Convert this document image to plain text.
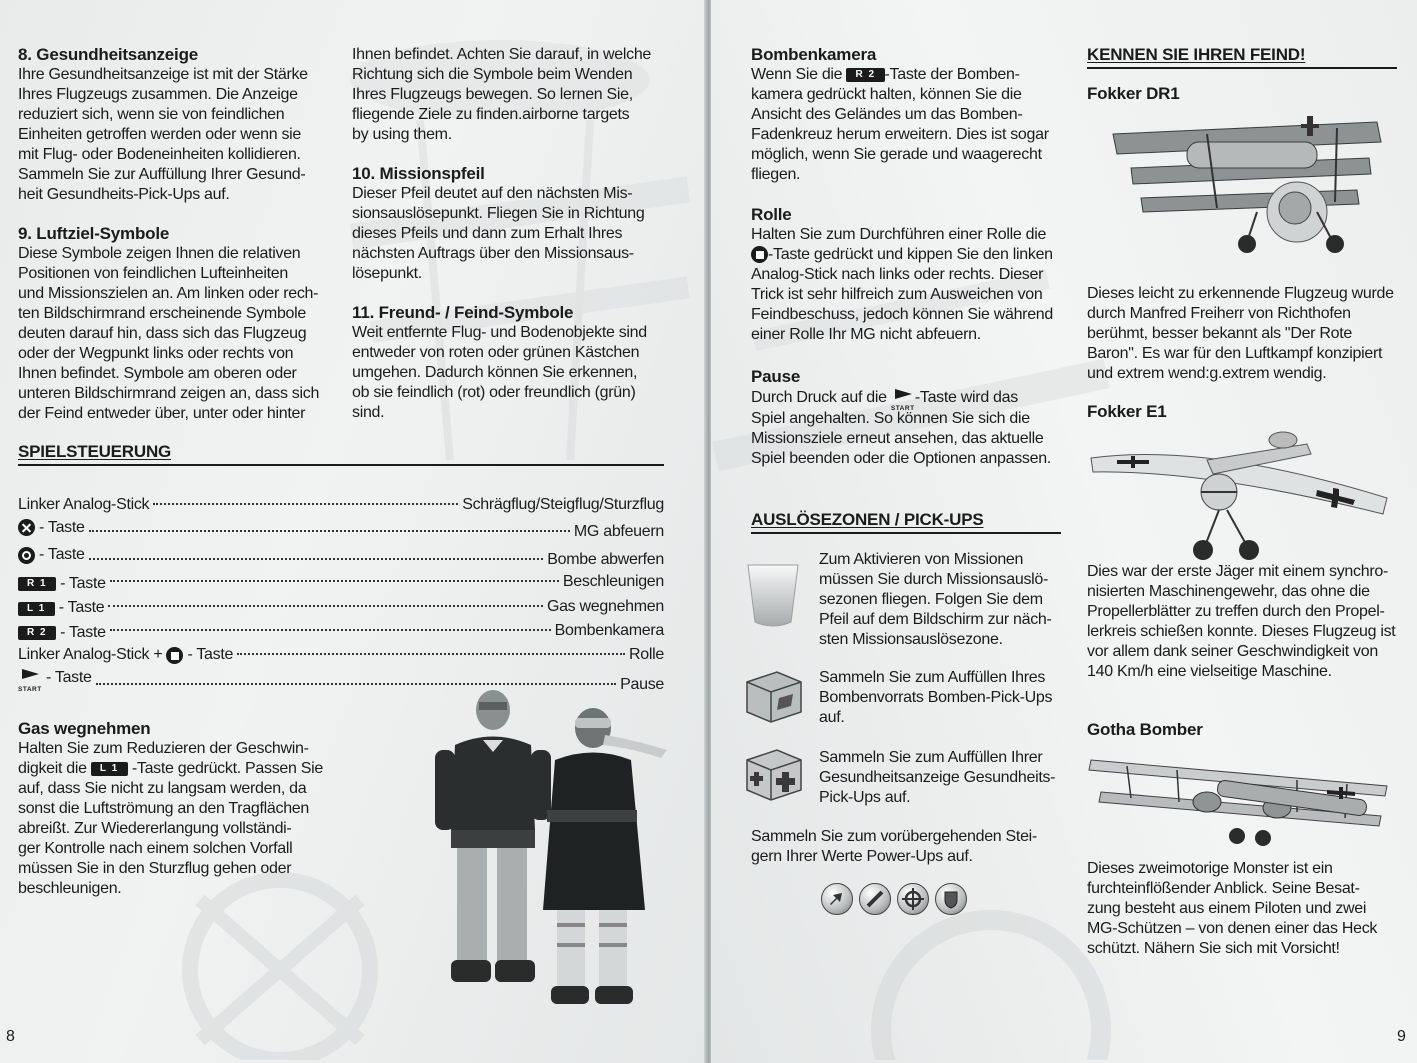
8. Gesundheitsanzeige

Ihre Gesundheitsanzeige ist mit der Stärke

Ihres Flugzeugs zusammen. Die Anzeige

reduziert sich, wenn sie von feindlichen

Einheiten getroffen werden oder wenn sie

mit Flug- oder Bodeneinheiten kollidieren.

Sammeln Sie zur Auffüllung Ihrer Gesund-

heit Gesundheits-Pick-Ups auf.

9. Luftziel-Symbole

Diese Symbole zeigen Ihnen die relativen

Positionen von feindlichen Lufteinheiten

und Missionszielen an. Am linken oder rech-

ten Bildschirmrand erscheinende Symbole

deuten darauf hin, dass sich das Flugzeug

oder der Wegpunkt links oder rechts von

Ihnen befindet. Symbole am oberen oder

unteren Bildschirmrand zeigen an, dass sich

der Feind entweder über, unter oder hinter

Ihnen befindet. Achten Sie darauf, in welche

Richtung sich die Symbole beim Wenden

Ihres Flugzeugs bewegen. So lernen Sie,

fliegende Ziele zu finden.airborne targets

by using them.

10. Missionspfeil

Dieser Pfeil deutet auf den nächsten Mis-

sionsauslösepunkt. Fliegen Sie in Richtung

dieses Pfeils und dann zum Erhalt Ihres

nächsten Auftrags über den Missionsaus-

lösepunkt.

11. Freund- / Feind-Symbole

Weit entfernte Flug- und Bodenobjekte sind

entweder von roten oder grünen Kästchen

umgehen. Dadurch können Sie erkennen,

ob sie feindlich (rot) oder freundlich (grün)

sind.

SPIELSTEUERUNG
Linker Analog-Stick	Schrägflug/Steigflug/Sturzflug
- Taste	MG abfeuern
- Taste	Bombe abwerfen
R 1 - Taste	Beschleunigen
L 1 - Taste	Gas wegnehmen
R 2 - Taste	Bombenkamera
Linker Analog-Stick + - Taste	Rolle
START
- Taste	Pause
Gas wegnehmen

Halten Sie zum Reduzieren der Geschwin-

digkeit die L 1 -Taste gedrückt. Passen Sie

auf, dass Sie nicht zu langsam werden, da

sonst die Luftströmung an den Tragflächen

abreißt. Zur Wiedererlangung vollständi-

ger Kontrolle nach einem solchen Vorfall

müssen Sie in den Sturzflug gehen oder

beschleunigen.

8
Bombenkamera

Wenn Sie die R 2 -Taste der Bomben-

kamera gedrückt halten, können Sie die

Ansicht des Geländes um das Bomben-

Fadenkreuz herum erweitern. Dies ist sogar

möglich, wenn Sie gerade und waagerecht

fliegen.

Rolle

Halten Sie zum Durchführen einer Rolle die

-Taste gedrückt und kippen Sie den linken

Analog-Stick nach links oder rechts. Dieser

Trick ist sehr hilfreich zum Ausweichen von

Feindbeschuss, jedoch können Sie während

einer Rolle Ihr MG nicht abfeuern.

Pause

Durch Druck auf die
START
-Taste wird das

Spiel angehalten. So können Sie sich die

Missionsziele erneut ansehen, das aktuelle

Spiel beenden oder die Optionen anpassen.

AUSLÖSEZONEN / PICK-UPS

Zum Aktivieren von Missionen

müssen Sie durch Missionsauslö-

sezonen fliegen. Folgen Sie dem

Pfeil auf dem Bildschirm zur näch-

sten Missionsauslösezone.

Sammeln Sie zum Auffüllen Ihres

Bombenvorrats Bomben-Pick-Ups

auf.

Sammeln Sie zum Auffüllen Ihrer

Gesundheitsanzeige Gesundheits-

Pick-Ups auf.

Sammeln Sie zum vorübergehenden Stei-

gern Ihrer Werte Power-Ups auf.

KENNEN SIE IHREN FEIND!
Fokker DR1

Dieses leicht zu erkennende Flugzeug wurde

durch Manfred Freiherr von Richthofen

berühmt, besser bekannt als "Der Rote

Baron". Es war für den Luftkampf konzipiert

und extrem wend:g.extrem wendig.

Fokker E1

Dies war der erste Jäger mit einem synchro-

nisierten Maschinengewehr, das ohne die

Propellerblätter zu treffen durch den Propel-

lerkreis schießen konnte. Dieses Flugzeug ist

vor allem dank seiner Geschwindigkeit von

140 Km/h eine vielseitige Maschine.

Gotha Bomber

Dieses zweimotorige Monster ist ein

furchteinflößender Anblick. Seine Besat-

zung besteht aus einem Piloten und zwei

MG-Schützen – von denen einer das Heck

schützt. Nähern Sie sich mit Vorsicht!

9
